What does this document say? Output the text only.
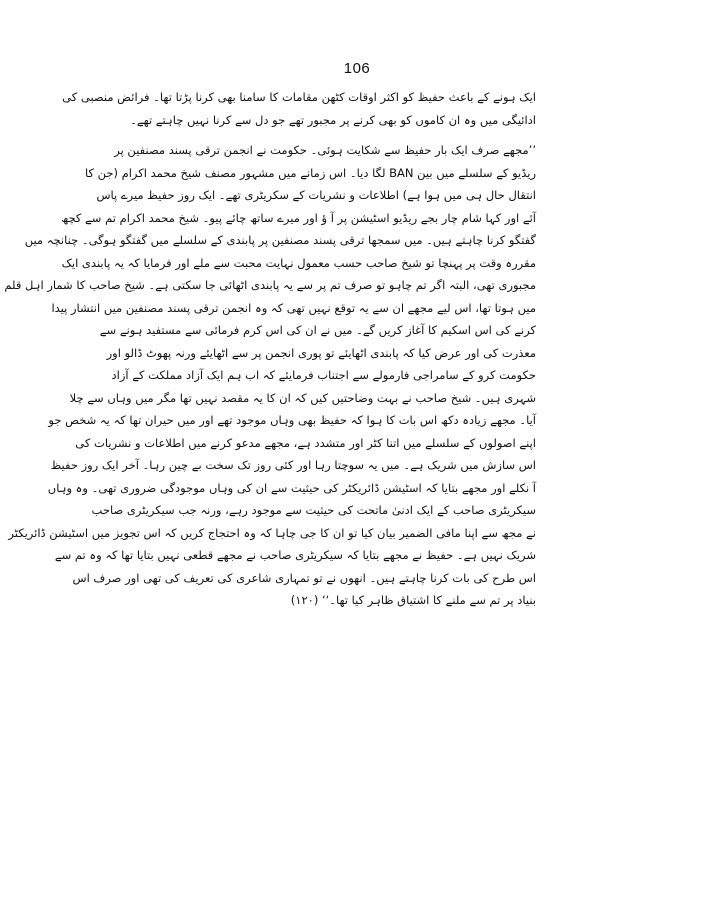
106
ایک ہونے کے باعث حفیظ کو اکثر اوقات کٹھن مقامات کا سامنا بھی کرنا پڑتا تھا۔ فرائض منصبی کی
ادائیگی میں وہ ان کاموں کو بھی کرنے پر مجبور تھے جو دل سے کرنا نہیں چاہتے تھے۔
’’مجھے صرف ایک بار حفیظ سے شکایت ہوئی۔ حکومت نے انجمن ترقی پسند مصنفین پر
ریڈیو کے سلسلے میں بین BAN لگا دیا۔ اس زمانے میں مشہور مصنف شیخ محمد اکرام (جن کا
انتقال حال ہی میں ہوا ہے) اطلاعات و نشریات کے سکریٹری تھے۔ ایک روز حفیظ میرے پاس
آئے اور کہا شام چار بجے ریڈیو اسٹیشن پر آ ؤ اور میرے ساتھ چائے پیو۔ شیخ محمد اکرام تم سے کچھ
گفتگو کرنا چاہتے ہیں۔ میں سمجھا ترقی پسند مصنفین پر پابندی کے سلسلے میں گفتگو ہوگی۔ چنانچہ میں
مقررہ وقت پر پہنچا تو شیخ صاحب حسب معمول نہایت محبت سے ملے اور فرمایا کہ یہ پابندی ایک
مجبوری تھی، البتہ اگر تم چاہو تو صرف تم پر سے یہ پابندی اٹھائی جا سکتی ہے۔ شیخ صاحب کا شمار اہل قلم
میں ہوتا تھا، اس لیے مجھے ان سے یہ توقع نہیں تھی کہ وہ انجمن ترقی پسند مصنفین میں انتشار پیدا
کرنے کی اس اسکیم کا آغاز کریں گے۔ میں نے ان کی اس کرم فرمائی سے مستفید ہونے سے
معذرت کی اور عرض کیا کہ پابندی اٹھایئے تو پوری انجمن پر سے اٹھایئے ورنہ پھوٹ ڈالو اور
حکومت کرو کے سامراجی فارمولے سے اجتناب فرمایئے کہ اب ہم ایک آزاد مملکت کے آزاد
شہری ہیں۔ شیخ صاحب نے بہت وضاحتیں کیں کہ ان کا یہ مقصد نہیں تھا مگر میں وہاں سے چلا
آیا۔ مجھے زیادہ دکھ اس بات کا ہوا کہ حفیظ بھی وہاں موجود تھے اور میں حیران تھا کہ یہ شخص جو
اپنے اصولوں کے سلسلے میں اتنا کٹر اور متشدد ہے، مجھے مدعو کرنے میں اطلاعات و نشریات کی
اس سازش میں شریک ہے۔ میں یہ سوچتا رہا اور کئی روز تک سخت بے چین رہا۔ آخر ایک روز حفیظ
آ نکلے اور مجھے بتایا کہ اسٹیشن ڈائریکٹر کی حیثیت سے ان کی وہاں موجودگی ضروری تھی۔ وہ وہاں
سیکریٹری صاحب کے ایک ادنیٰ ماتحت کی حیثیت سے موجود رہے، ورنہ جب سیکریٹری صاحب
نے مجھ سے اپنا مافی الضمیر بیان کیا تو ان کا جی چاہا کہ وہ احتجاج کریں کہ اس تجویز میں اسٹیشن ڈائریکٹر
شریک نہیں ہے۔ حفیظ نے مجھے بتایا کہ سیکریٹری صاحب نے مجھے قطعی نہیں بتایا تھا کہ وہ تم سے
اس طرح کی بات کرنا چاہتے ہیں۔ انھوں نے تو تمہاری شاعری کی تعریف کی تھی اور صرف اس
بنیاد پر تم سے ملنے کا اشتیاق ظاہر کیا تھا۔‘‘ (۱۲۰)
